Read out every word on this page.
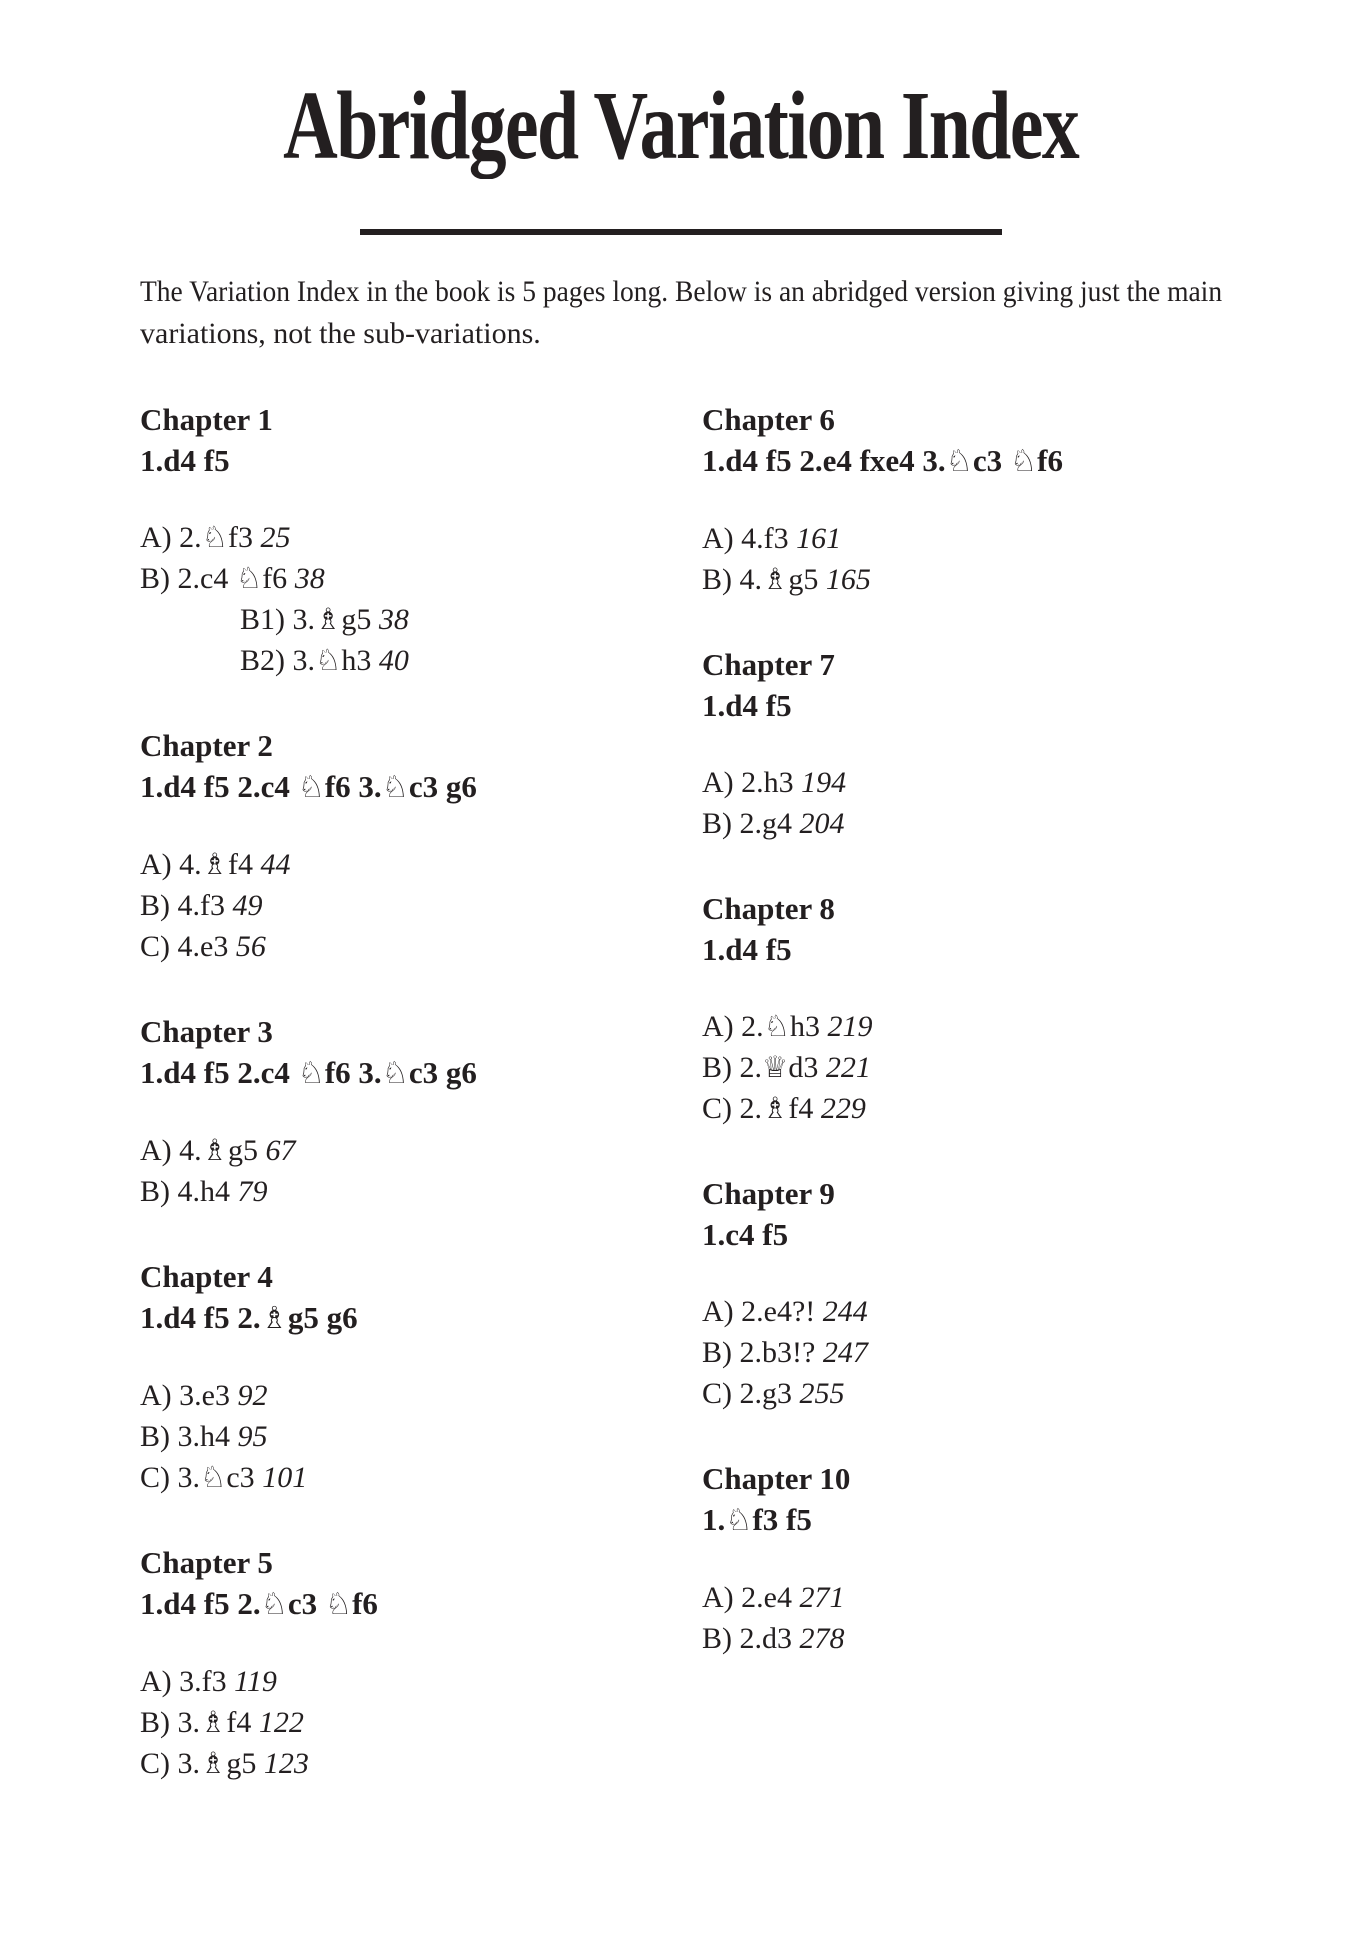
Abridged Variation Index

The Variation Index in the book is 5 pages long. Below is an abridged version giving just the main
variations, not the sub-variations.

Chapter 1

1.d4 f5

A) 2.♘f3 25
B) 2.c4 ♘f6 38
B1) 3.♗g5 38
B2) 3.♘h3 40
Chapter 2

1.d4 f5 2.c4 ♘f6 3.♘c3 g6

A) 4.♗f4 44
B) 4.f3 49
C) 4.e3 56
Chapter 3

1.d4 f5 2.c4 ♘f6 3.♘c3 g6

A) 4.♗g5 67
B) 4.h4 79
Chapter 4

1.d4 f5 2.♗g5 g6

A) 3.e3 92
B) 3.h4 95
C) 3.♘c3 101
Chapter 5

1.d4 f5 2.♘c3 ♘f6

A) 3.f3 119
B) 3.♗f4 122
C) 3.♗g5 123
Chapter 6

1.d4 f5 2.e4 fxe4 3.♘c3 ♘f6

A) 4.f3 161
B) 4.♗g5 165
Chapter 7

1.d4 f5

A) 2.h3 194
B) 2.g4 204
Chapter 8

1.d4 f5

A) 2.♘h3 219
B) 2.♕d3 221
C) 2.♗f4 229
Chapter 9

1.c4 f5

A) 2.e4?! 244
B) 2.b3!? 247
C) 2.g3 255
Chapter 10

1.♘f3 f5

A) 2.e4 271
B) 2.d3 278
